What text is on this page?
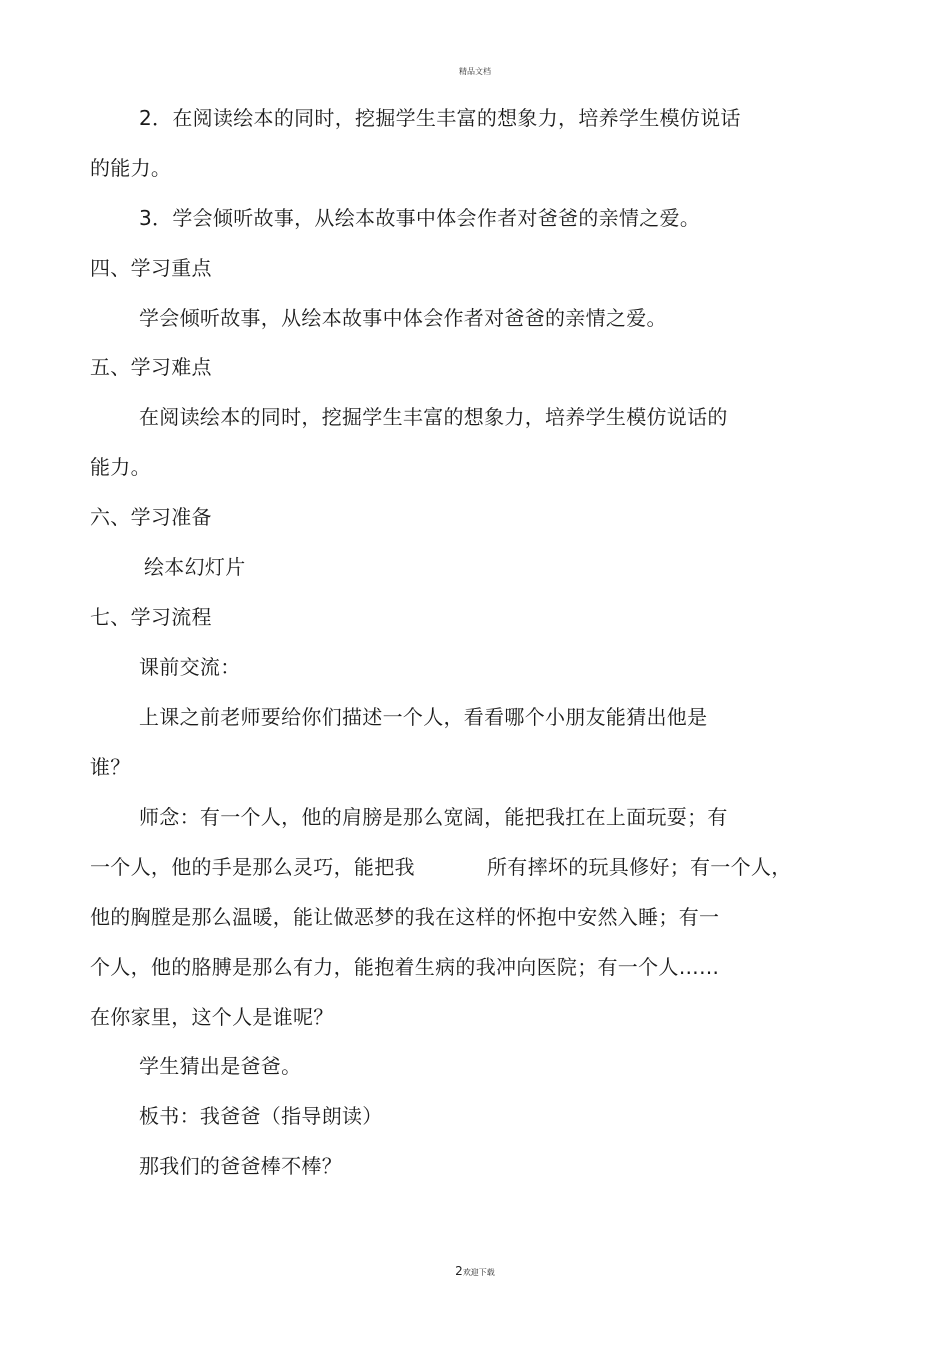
精品文档
2．在阅读绘本的同时，挖掘学生丰富的想象力，培养学生模仿说话
的能力。
3．学会倾听故事，从绘本故事中体会作者对爸爸的亲情之爱。
四、学习重点
学会倾听故事，从绘本故事中体会作者对爸爸的亲情之爱。
五、学习难点
在阅读绘本的同时，挖掘学生丰富的想象力，培养学生模仿说话的
能力。
六、学习准备
绘本幻灯片
七、学习流程
课前交流：
上课之前老师要给你们描述一个人，看看哪个小朋友能猜出他是
谁？
师念：有一个人，他的肩膀是那么宽阔，能把我扛在上面玩耍；有
一个人，他的手是那么灵巧，能把我	所有摔坏的玩具修好；有一个人，
他的胸膛是那么温暖，能让做恶梦的我在这样的怀抱中安然入睡；有一
个人，他的胳膊是那么有力，能抱着生病的我冲向医院；有一个人……
在你家里，这个人是谁呢？
学生猜出是爸爸。
板书：我爸爸（指导朗读）
那我们的爸爸棒不棒？
2欢迎下载
